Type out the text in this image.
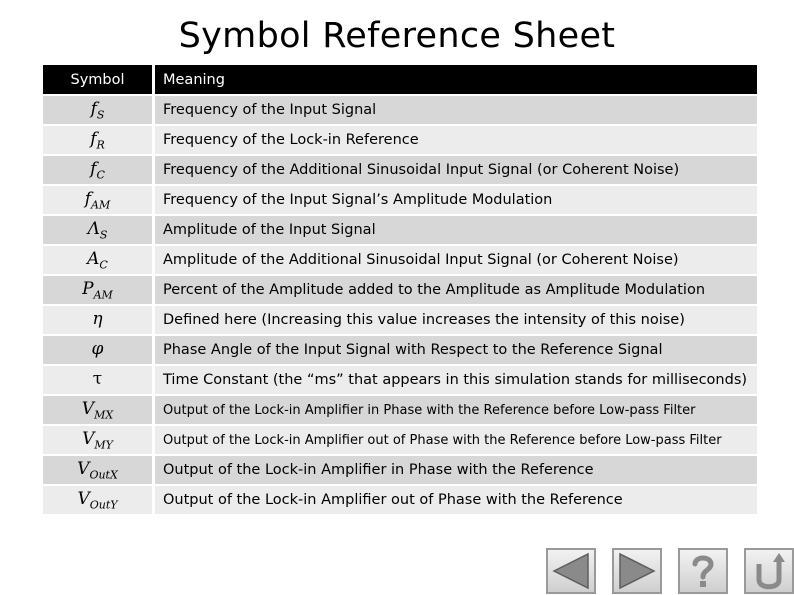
Symbol Reference Sheet
Symbol	Meaning
$f_S$	Frequency of the Input Signal
$f_R$	Frequency of the Lock-in Reference
$f_C$	Frequency of the Additional Sinusoidal Input Signal (or Coherent Noise)
$f_{AM}$	Frequency of the Input Signal’s Amplitude Modulation
$\Lambda_S$	Amplitude of the Input Signal
$A_C$	Amplitude of the Additional Sinusoidal Input Signal (or Coherent Noise)
$P_{AM}$	Percent of the Amplitude added to the Amplitude as Amplitude Modulation
η	Defined here (Increasing this value increases the intensity of this noise)
φ	Phase Angle of the Input Signal with Respect to the Reference Signal
τ	Time Constant (the “ms” that appears in this simulation stands for milliseconds)
$V_{MX}$	Output of the Lock-in Amplifier in Phase with the Reference before Low-pass Filter
$V_{MY}$	Output of the Lock-in Amplifier out of Phase with the Reference before Low-pass Filter
$V_{OutX}$	Output of the Lock-in Amplifier in Phase with the Reference
$V_{OutY}$	Output of the Lock-in Amplifier out of Phase with the Reference
